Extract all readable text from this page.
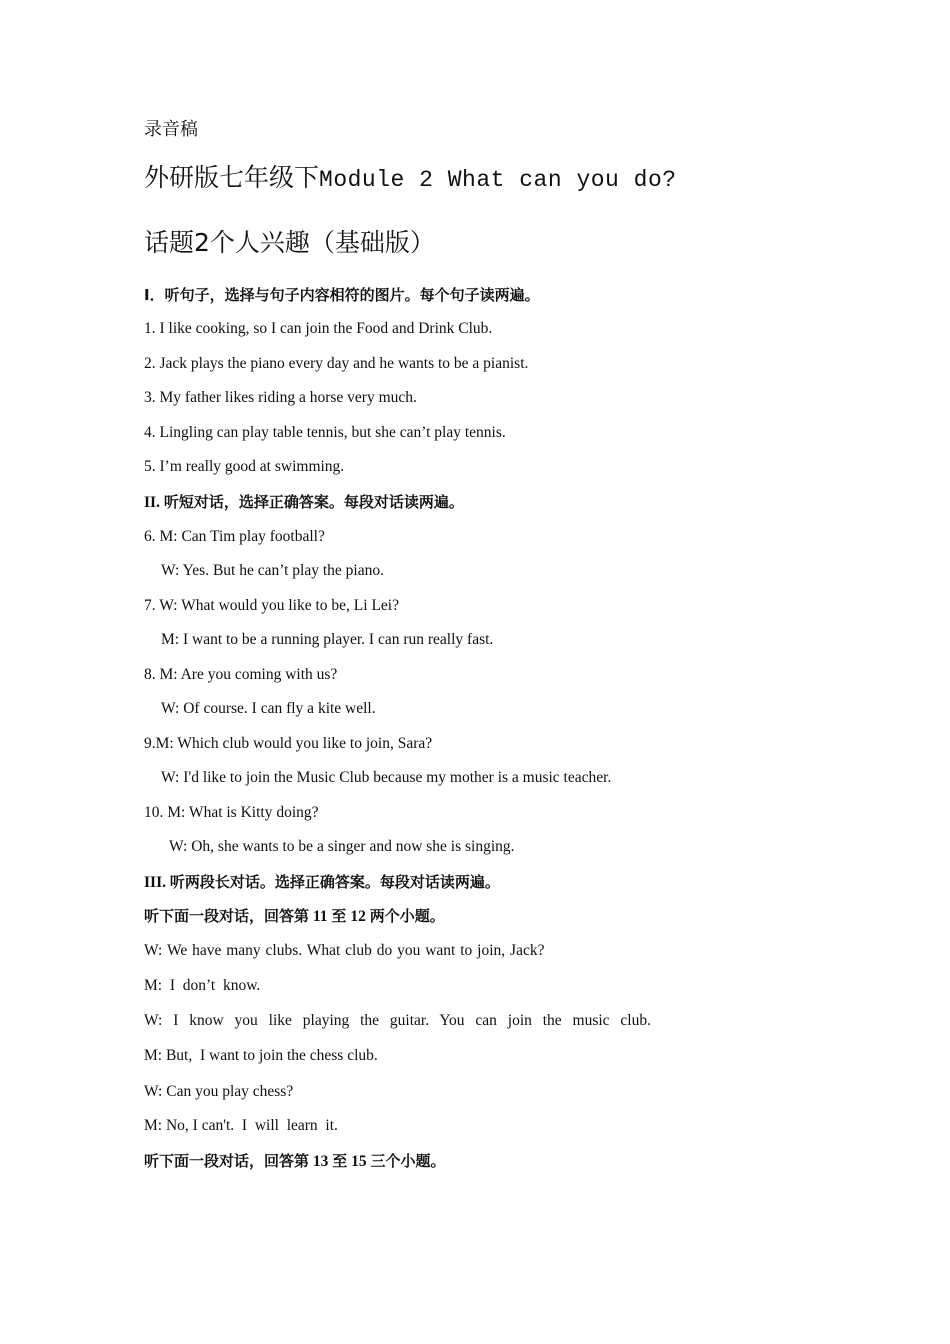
录音稿
外研版七年级下Module 2 What can you do?
话题2个人兴趣（基础版）
I．听句子，选择与句子内容相符的图片。每个句子读两遍。
1. I like cooking, so I can join the Food and Drink Club.
2. Jack plays the piano every day and he wants to be a pianist.
3. My father likes riding a horse very much.
4. Lingling can play table tennis, but she can’t play tennis.
5. I’m really good at swimming.
II. 听短对话，选择正确答案。每段对话读两遍。
6. M: Can Tim play football?
W: Yes. But he can’t play the piano.
7. W: What would you like to be, Li Lei?
M: I want to be a running player. I can run really fast.
8. M: Are you coming with us?
W: Of course. I can fly a kite well.
9.M: Which club would you like to join, Sara?
W: I'd like to join the Music Club because my mother is a music teacher.
10. M: What is Kitty doing?
W: Oh, she wants to be a singer and now she is singing.
III. 听两段长对话。选择正确答案。每段对话读两遍。
听下面一段对话，回答第 11 至 12 两个小题。
W: We have many clubs. What club do you want to join, Jack?
M:  I  don’t  know.
W: I know you like playing the guitar. You can join the music club.
M: But,  I want to join the chess club.
W: Can you play chess?
M: No, I can't.  I  will  learn  it.
听下面一段对话，回答第 13 至 15 三个小题。
